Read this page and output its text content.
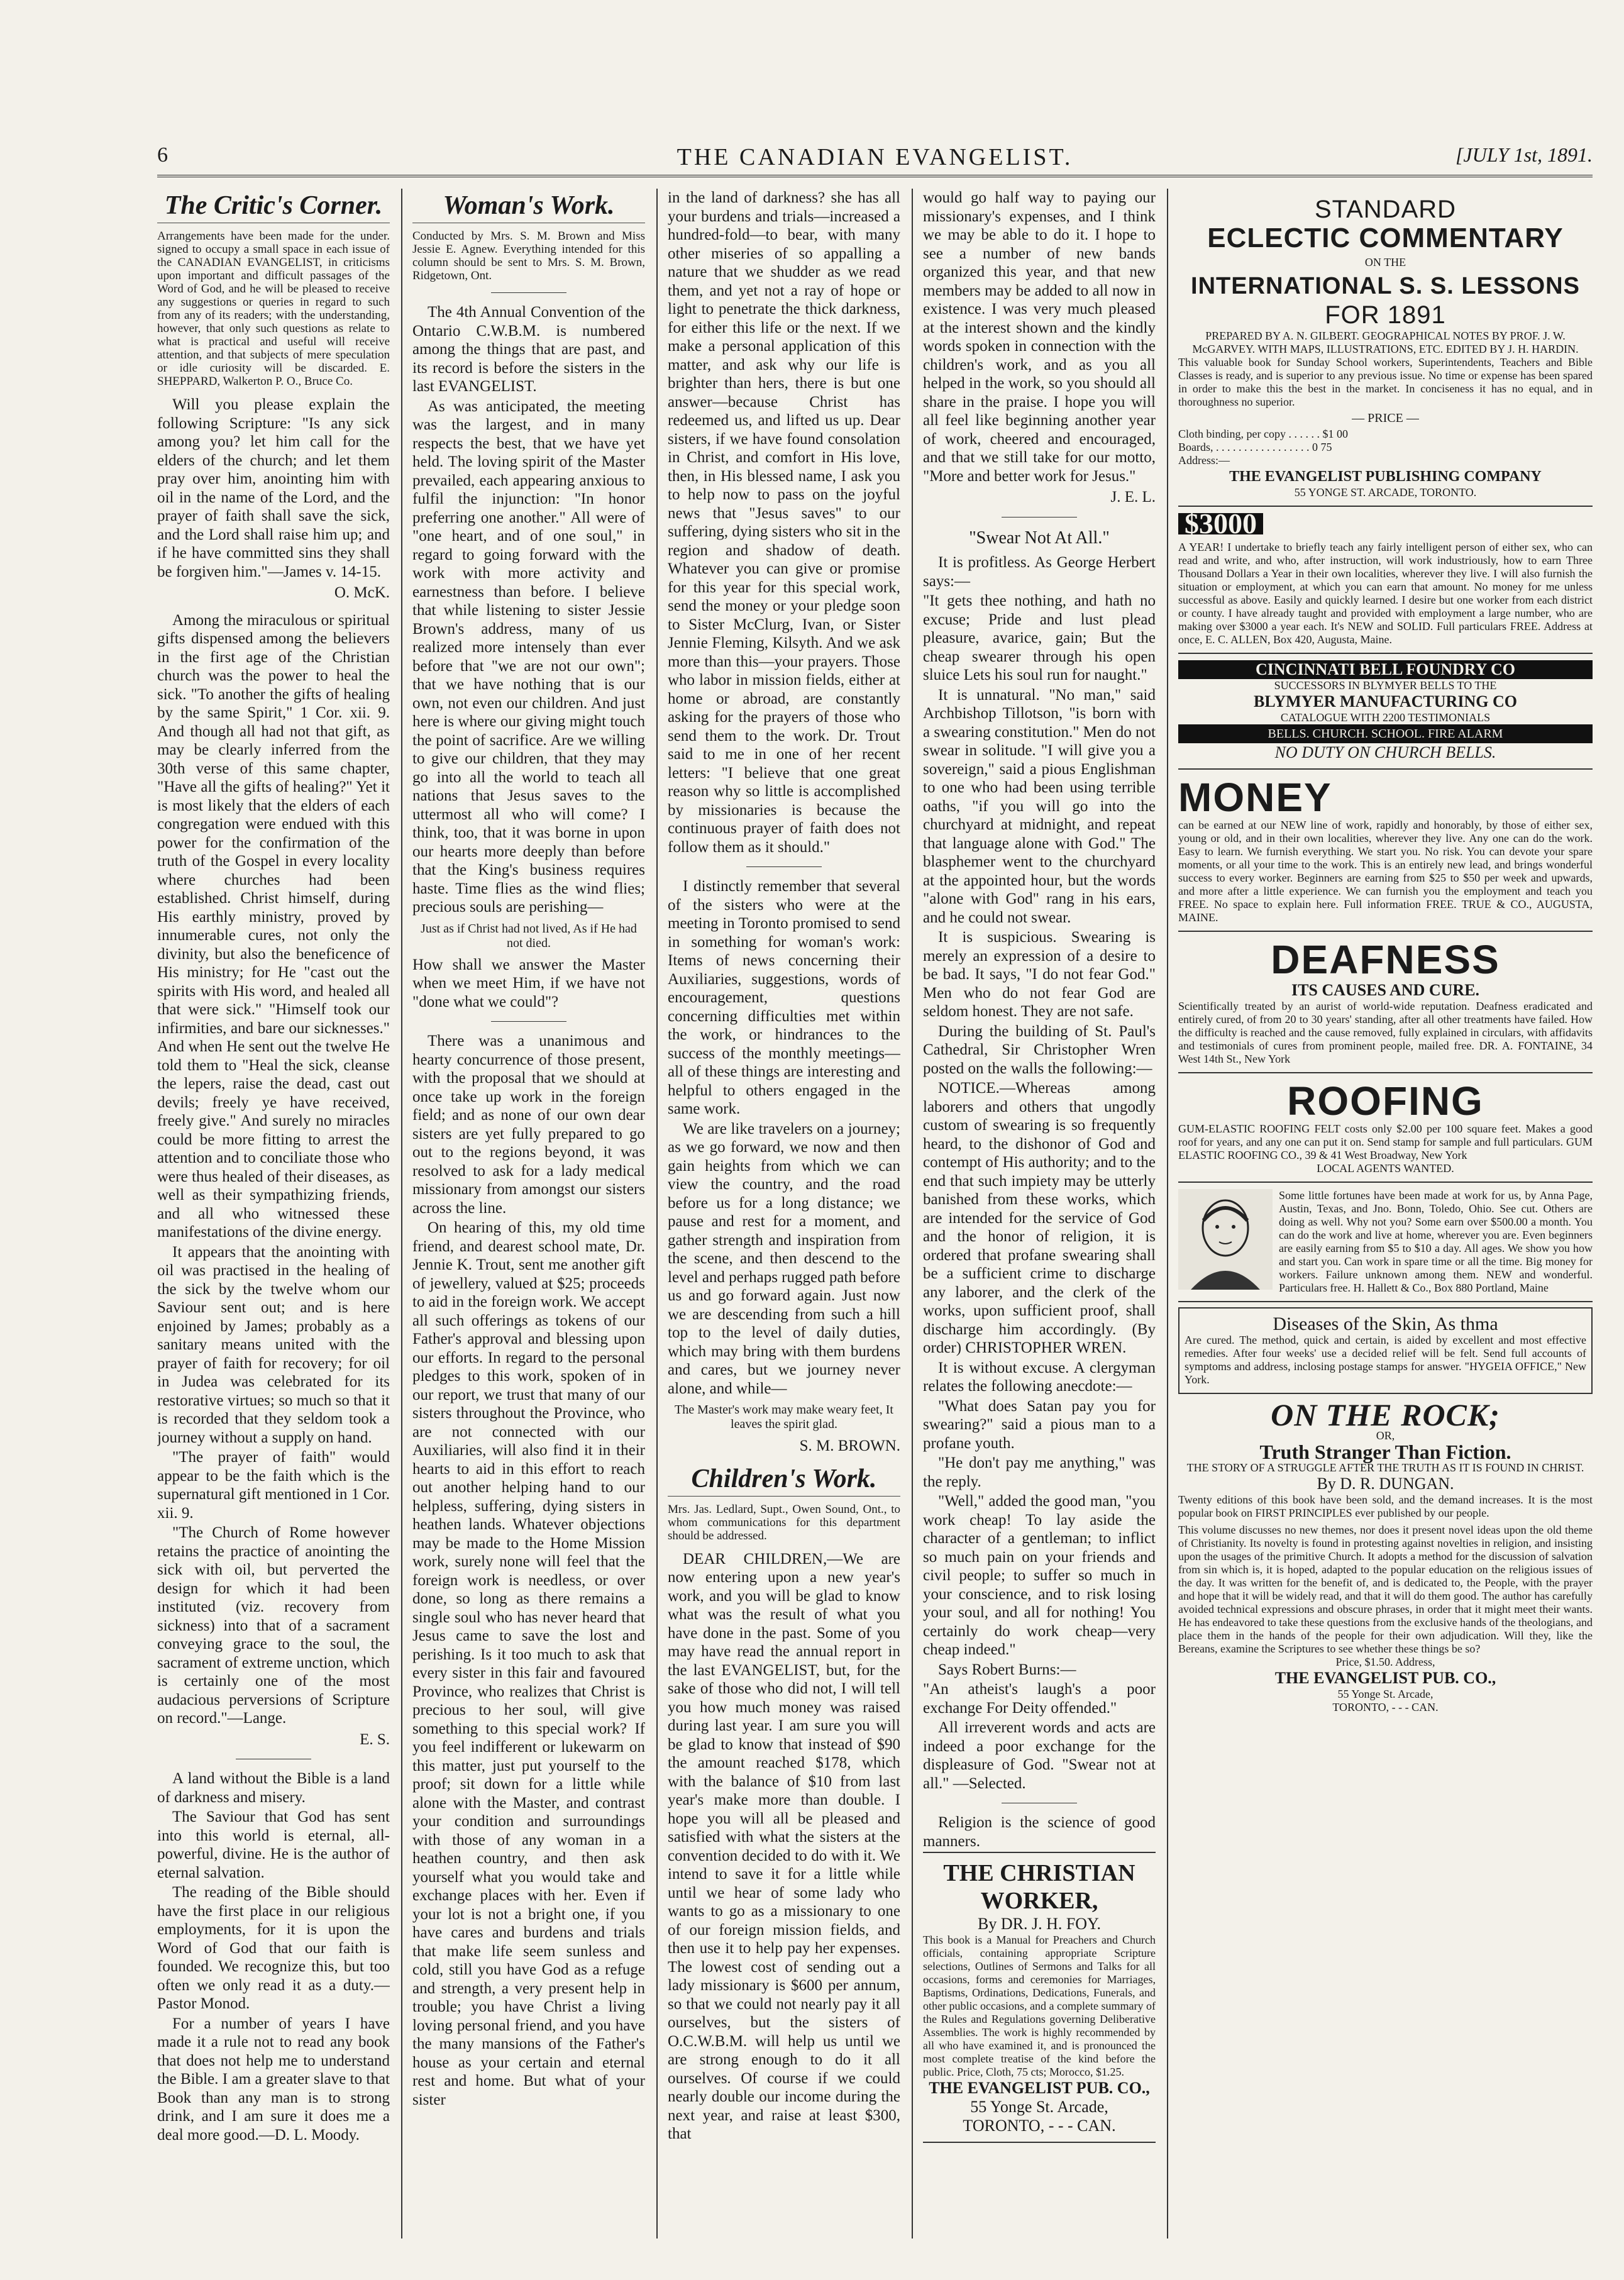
6	THE CANADIAN EVANGELIST.	[JULY 1st, 1891.
The Critic's Corner.
Arrangements have been made for the under. signed to occupy a small space in each issue of the CANADIAN EVANGELIST, in criticisms upon important and difficult passages of the Word of God, and he will be pleased to receive any suggestions or queries in regard to such from any of its readers; with the understanding, however, that only such questions as relate to what is practical and useful will receive attention, and that subjects of mere speculation or idle curiosity will be discarded. E. SHEPPARD, Walkerton P. O., Bruce Co.

Will you please explain the following Scripture: "Is any sick among you? let him call for the elders of the church; and let them pray over him, anointing him with oil in the name of the Lord, and the prayer of faith shall save the sick, and the Lord shall raise him up; and if he have committed sins they shall be forgiven him."—James v. 14-15.

O. McK.

Among the miraculous or spiritual gifts dispensed among the believers in the first age of the Christian church was the power to heal the sick. "To another the gifts of healing by the same Spirit," 1 Cor. xii. 9. And though all had not that gift, as may be clearly inferred from the 30th verse of this same chapter, "Have all the gifts of healing?" Yet it is most likely that the elders of each congregation were endued with this power for the confirmation of the truth of the Gospel in every locality where churches had been established. Christ himself, during His earthly ministry, proved by innumerable cures, not only the divinity, but also the beneficence of His ministry; for He "cast out the spirits with His word, and healed all that were sick." "Himself took our infirmities, and bare our sicknesses." And when He sent out the twelve He told them to "Heal the sick, cleanse the lepers, raise the dead, cast out devils; freely ye have received, freely give." And surely no miracles could be more fitting to arrest the attention and to conciliate those who were thus healed of their diseases, as well as their sympathizing friends, and all who witnessed these manifestations of the divine energy.

It appears that the anointing with oil was practised in the healing of the sick by the twelve whom our Saviour sent out; and is here enjoined by James; probably as a sanitary means united with the prayer of faith for recovery; for oil in Judea was celebrated for its restorative virtues; so much so that it is recorded that they seldom took a journey without a supply on hand.

"The prayer of faith" would appear to be the faith which is the supernatural gift mentioned in 1 Cor. xii. 9.

"The Church of Rome however retains the practice of anointing the sick with oil, but perverted the design for which it had been instituted (viz. recovery from sickness) into that of a sacrament conveying grace to the soul, the sacrament of extreme unction, which is certainly one of the most audacious perversions of Scripture on record."—Lange.

E. S.

A land without the Bible is a land of darkness and misery.

The Saviour that God has sent into this world is eternal, all-powerful, divine. He is the author of eternal salvation.

The reading of the Bible should have the first place in our religious employments, for it is upon the Word of God that our faith is founded. We recognize this, but too often we only read it as a duty.—Pastor Monod.

For a number of years I have made it a rule not to read any book that does not help me to understand the Bible. I am a greater slave to that Book than any man is to strong drink, and I am sure it does me a deal more good.—D. L. Moody.

Woman's Work.
Conducted by Mrs. S. M. Brown and Miss Jessie E. Agnew. Everything intended for this column should be sent to Mrs. S. M. Brown, Ridgetown, Ont.

The 4th Annual Convention of the Ontario C.W.B.M. is numbered among the things that are past, and its record is before the sisters in the last EVANGELIST.

As was anticipated, the meeting was the largest, and in many respects the best, that we have yet held. The loving spirit of the Master prevailed, each appearing anxious to fulfil the injunction: "In honor preferring one another." All were of "one heart, and of one soul," in regard to going forward with the work with more activity and earnestness than before. I believe that while listening to sister Jessie Brown's address, many of us realized more intensely than ever before that "we are not our own"; that we have nothing that is our own, not even our children. And just here is where our giving might touch the point of sacrifice. Are we willing to give our children, that they may go into all the world to teach all nations that Jesus saves to the uttermost all who will come? I think, too, that it was borne in upon our hearts more deeply than before that the King's business requires haste. Time flies as the wind flies; precious souls are perishing—

Just as if Christ had not lived, As if He had not died.

How shall we answer the Master when we meet Him, if we have not "done what we could"?

There was a unanimous and hearty concurrence of those present, with the proposal that we should at once take up work in the foreign field; and as none of our own dear sisters are yet fully prepared to go out to the regions beyond, it was resolved to ask for a lady medical missionary from amongst our sisters across the line.

On hearing of this, my old time friend, and dearest school mate, Dr. Jennie K. Trout, sent me another gift of jewellery, valued at $25; proceeds to aid in the foreign work. We accept all such offerings as tokens of our Father's approval and blessing upon our efforts. In regard to the personal pledges to this work, spoken of in our report, we trust that many of our sisters throughout the Province, who are not connected with our Auxiliaries, will also find it in their hearts to aid in this effort to reach out another helping hand to our helpless, suffering, dying sisters in heathen lands. Whatever objections may be made to the Home Mission work, surely none will feel that the foreign work is needless, or over done, so long as there remains a single soul who has never heard that Jesus came to save the lost and perishing. Is it too much to ask that every sister in this fair and favoured Province, who realizes that Christ is precious to her soul, will give something to this special work? If you feel indifferent or lukewarm on this matter, just put yourself to the proof; sit down for a little while alone with the Master, and contrast your condition and surroundings with those of any woman in a heathen country, and then ask yourself what you would take and exchange places with her. Even if your lot is not a bright one, if you have cares and burdens and trials that make life seem sunless and cold, still you have God as a refuge and strength, a very present help in trouble; you have Christ a living loving personal friend, and you have the many mansions of the Father's house as your certain and eternal rest and home. But what of your sister

in the land of darkness? she has all your burdens and trials—increased a hundred-fold—to bear, with many other miseries of so appalling a nature that we shudder as we read them, and yet not a ray of hope or light to penetrate the thick darkness, for either this life or the next. If we make a personal application of this matter, and ask why our life is brighter than hers, there is but one answer—because Christ has redeemed us, and lifted us up. Dear sisters, if we have found consolation in Christ, and comfort in His love, then, in His blessed name, I ask you to help now to pass on the joyful news that "Jesus saves" to our suffering, dying sisters who sit in the region and shadow of death. Whatever you can give or promise for this year for this special work, send the money or your pledge soon to Sister McClurg, Ivan, or Sister Jennie Fleming, Kilsyth. And we ask more than this—your prayers. Those who labor in mission fields, either at home or abroad, are constantly asking for the prayers of those who send them to the work. Dr. Trout said to me in one of her recent letters: "I believe that one great reason why so little is accomplished by missionaries is because the continuous prayer of faith does not follow them as it should."

I distinctly remember that several of the sisters who were at the meeting in Toronto promised to send in something for woman's work: Items of news concerning their Auxiliaries, suggestions, words of encouragement, questions concerning difficulties met within the work, or hindrances to the success of the monthly meetings—all of these things are interesting and helpful to others engaged in the same work.

We are like travelers on a journey; as we go forward, we now and then gain heights from which we can view the country, and the road before us for a long distance; we pause and rest for a moment, and gather strength and inspiration from the scene, and then descend to the level and perhaps rugged path before us and go forward again. Just now we are descending from such a hill top to the level of daily duties, which may bring with them burdens and cares, but we journey never alone, and while—

The Master's work may make weary feet, It leaves the spirit glad.
S. M. BROWN.
Children's Work.
Mrs. Jas. Ledlard, Supt., Owen Sound, Ont., to whom communications for this department should be addressed.

DEAR CHILDREN,—We are now entering upon a new year's work, and you will be glad to know what was the result of what you have done in the past. Some of you may have read the annual report in the last EVANGELIST, but, for the sake of those who did not, I will tell you how much money was raised during last year. I am sure you will be glad to know that instead of $90 the amount reached $178, which with the balance of $10 from last year's make more than double. I hope you will all be pleased and satisfied with what the sisters at the convention decided to do with it. We intend to save it for a little while until we hear of some lady who wants to go as a missionary to one of our foreign mission fields, and then use it to help pay her expenses. The lowest cost of sending out a lady missionary is $600 per annum, so that we could not nearly pay it all ourselves, but the sisters of O.C.W.B.M. will help us until we are strong enough to do it all ourselves. Of course if we could nearly double our income during the next year, and raise at least $300, that

would go half way to paying our missionary's expenses, and I think we may be able to do it. I hope to see a number of new bands organized this year, and that new members may be added to all now in existence. I was very much pleased at the interest shown and the kindly words spoken in connection with the children's work, and as you all helped in the work, so you should all share in the praise. I hope you will all feel like beginning another year of work, cheered and encouraged, and that we still take for our motto, "More and better work for Jesus."

J. E. L.
"Swear Not At All."

It is profitless. As George Herbert says:—

"It gets thee nothing, and hath no excuse; Pride and lust plead pleasure, avarice, gain; But the cheap swearer through his open sluice Lets his soul run for naught."

It is unnatural. "No man," said Archbishop Tillotson, "is born with a swearing constitution." Men do not swear in solitude. "I will give you a sovereign," said a pious Englishman to one who had been using terrible oaths, "if you will go into the churchyard at midnight, and repeat that language alone with God." The blasphemer went to the churchyard at the appointed hour, but the words "alone with God" rang in his ears, and he could not swear.

It is suspicious. Swearing is merely an expression of a desire to be bad. It says, "I do not fear God." Men who do not fear God are seldom honest. They are not safe.

During the building of St. Paul's Cathedral, Sir Christopher Wren posted on the walls the following:—

NOTICE.—Whereas among laborers and others that ungodly custom of swearing is so frequently heard, to the dishonor of God and contempt of His authority; and to the end that such impiety may be utterly banished from these works, which are intended for the service of God and the honor of religion, it is ordered that profane swearing shall be a sufficient crime to discharge any laborer, and the clerk of the works, upon sufficient proof, shall discharge him accordingly. (By order) CHRISTOPHER WREN.

It is without excuse. A clergyman relates the following anecdote:—

"What does Satan pay you for swearing?" said a pious man to a profane youth.

"He don't pay me anything," was the reply.

"Well," added the good man, "you work cheap! To lay aside the character of a gentleman; to inflict so much pain on your friends and civil people; to suffer so much in your conscience, and to risk losing your soul, and all for nothing! You certainly do work cheap—very cheap indeed."

Says Robert Burns:—

"An atheist's laugh's a poor exchange For Deity offended."

All irreverent words and acts are indeed a poor exchange for the displeasure of God. "Swear not at all." —Selected.

Religion is the science of good manners.

THE CHRISTIAN WORKER,
By DR. J. H. FOY.
This book is a Manual for Preachers and Church officials, containing appropriate Scripture selections, Outlines of Sermons and Talks for all occasions, forms and ceremonies for Marriages, Baptisms, Ordinations, Dedications, Funerals, and other public occasions, and a complete summary of the Rules and Regulations governing Deliberative Assemblies. The work is highly recommended by all who have examined it, and is pronounced the most complete treatise of the kind before the public. Price, Cloth, 75 cts; Morocco, $1.25.
THE EVANGELIST PUB. CO.,
55 Yonge St. Arcade,
TORONTO, - - - CAN.
STANDARD
ECLECTIC COMMENTARY
ON THE
INTERNATIONAL S. S. LESSONS
FOR 1891
PREPARED BY A. N. GILBERT. GEOGRAPHICAL NOTES BY PROF. J. W. McGARVEY. WITH MAPS, ILLUSTRATIONS, ETC. EDITED BY J. H. HARDIN.
This valuable book for Sunday School workers, Superintendents, Teachers and Bible Classes is ready, and is superior to any previous issue. No time or expense has been spared in order to make this the best in the market. In conciseness it has no equal, and in thoroughness no superior.
— PRICE —
Cloth binding, per copy . . . . . . $1 00
Boards, . . . . . . . . . . . . . . . . . 0 75
Address:—
THE EVANGELIST PUBLISHING COMPANY
55 YONGE ST. ARCADE, TORONTO.
$3000
A YEAR! I undertake to briefly teach any fairly intelligent person of either sex, who can read and write, and who, after instruction, will work industriously, how to earn Three Thousand Dollars a Year in their own localities, wherever they live. I will also furnish the situation or employment, at which you can earn that amount. No money for me unless successful as above. Easily and quickly learned. I desire but one worker from each district or county. I have already taught and provided with employment a large number, who are making over $3000 a year each. It's NEW and SOLID. Full particulars FREE. Address at once, E. C. ALLEN, Box 420, Augusta, Maine.
CINCINNATI BELL FOUNDRY CO
SUCCESSORS IN BLYMYER BELLS TO THE
BLYMYER MANUFACTURING CO
CATALOGUE WITH 2200 TESTIMONIALS
BELLS. CHURCH. SCHOOL. FIRE ALARM
NO DUTY ON CHURCH BELLS.
MONEY
can be earned at our NEW line of work, rapidly and honorably, by those of either sex, young or old, and in their own localities, wherever they live. Any one can do the work. Easy to learn. We furnish everything. We start you. No risk. You can devote your spare moments, or all your time to the work. This is an entirely new lead, and brings wonderful success to every worker. Beginners are earning from $25 to $50 per week and upwards, and more after a little experience. We can furnish you the employment and teach you FREE. No space to explain here. Full information FREE. TRUE & CO., AUGUSTA, MAINE.
DEAFNESS
ITS CAUSES AND CURE.
Scientifically treated by an aurist of world-wide reputation. Deafness eradicated and entirely cured, of from 20 to 30 years' standing, after all other treatments have failed. How the difficulty is reached and the cause removed, fully explained in circulars, with affidavits and testimonials of cures from prominent people, mailed free. DR. A. FONTAINE, 34 West 14th St., New York
ROOFING
GUM-ELASTIC ROOFING FELT costs only $2.00 per 100 square feet. Makes a good roof for years, and any one can put it on. Send stamp for sample and full particulars. GUM ELASTIC ROOFING CO., 39 & 41 West Broadway, New York
LOCAL AGENTS WANTED.
Some little fortunes have been made at work for us, by Anna Page, Austin, Texas, and Jno. Bonn, Toledo, Ohio. See cut. Others are doing as well. Why not you? Some earn over $500.00 a month. You can do the work and live at home, wherever you are. Even beginners are easily earning from $5 to $10 a day. All ages. We show you how and start you. Can work in spare time or all the time. Big money for workers. Failure unknown among them. NEW and wonderful. Particulars free. H. Hallett & Co., Box 880 Portland, Maine
Diseases of the Skin, As thma
Are cured. The method, quick and certain, is aided by excellent and most effective remedies. After four weeks' use a decided relief will be felt. Send full accounts of symptoms and address, inclosing postage stamps for answer. "HYGEIA OFFICE," New York.
ON THE ROCK;
OR,
Truth Stranger Than Fiction.
THE STORY OF A STRUGGLE AFTER THE TRUTH AS IT IS FOUND IN CHRIST.
By D. R. DUNGAN.
Twenty editions of this book have been sold, and the demand increases. It is the most popular book on FIRST PRINCIPLES ever published by our people.
This volume discusses no new themes, nor does it present novel ideas upon the old theme of Christianity. Its novelty is found in protesting against novelties in religion, and insisting upon the usages of the primitive Church. It adopts a method for the discussion of salvation from sin which is, it is hoped, adapted to the popular education on the religious issues of the day. It was written for the benefit of, and is dedicated to, the People, with the prayer and hope that it will be widely read, and that it will do them good. The author has carefully avoided technical expressions and obscure phrases, in order that it might meet their wants. He has endeavored to take these questions from the exclusive hands of the theologians, and place them in the hands of the people for their own adjudication. Will they, like the Bereans, examine the Scriptures to see whether these things be so?
Price, $1.50. Address,
THE EVANGELIST PUB. CO.,
55 Yonge St. Arcade,
TORONTO, - - - CAN.
